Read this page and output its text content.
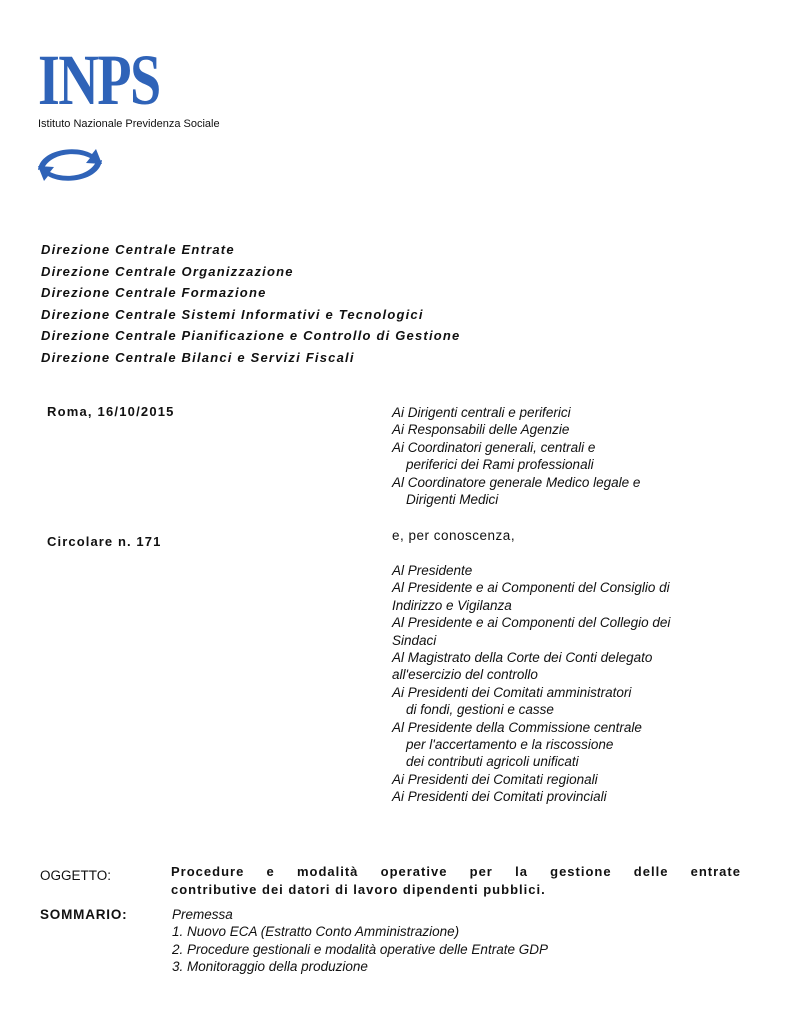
INPS
Istituto Nazionale Previdenza Sociale
Direzione Centrale Entrate
Direzione Centrale Organizzazione
Direzione Centrale Formazione
Direzione Centrale Sistemi Informativi e Tecnologici
Direzione Centrale Pianificazione e Controllo di Gestione
Direzione Centrale Bilanci e Servizi Fiscali
Roma, 16/10/2015
Circolare n. 171
Ai Dirigenti centrali e periferici
Ai Responsabili delle Agenzie
Ai Coordinatori generali, centrali e
periferici dei Rami professionali
Al Coordinatore generale Medico legale e
Dirigenti Medici
e, per conoscenza,
Al Presidente
Al Presidente e ai Componenti del Consiglio di
Indirizzo e Vigilanza
Al Presidente e ai Componenti del Collegio dei
Sindaci
Al Magistrato della Corte dei Conti delegato
all'esercizio del controllo
Ai Presidenti dei Comitati amministratori
di fondi, gestioni e casse
Al Presidente della Commissione centrale
per l'accertamento e la riscossione
dei contributi agricoli unificati
Ai Presidenti dei Comitati regionali
Ai Presidenti dei Comitati provinciali
OGGETTO:	Procedure e modalità operative per la gestione delle entrate
contributive dei datori di lavoro dipendenti pubblici.
SOMMARIO:	Premessa
1. Nuovo ECA (Estratto Conto Amministrazione)
2. Procedure gestionali e modalità operative delle Entrate GDP
3. Monitoraggio della produzione
